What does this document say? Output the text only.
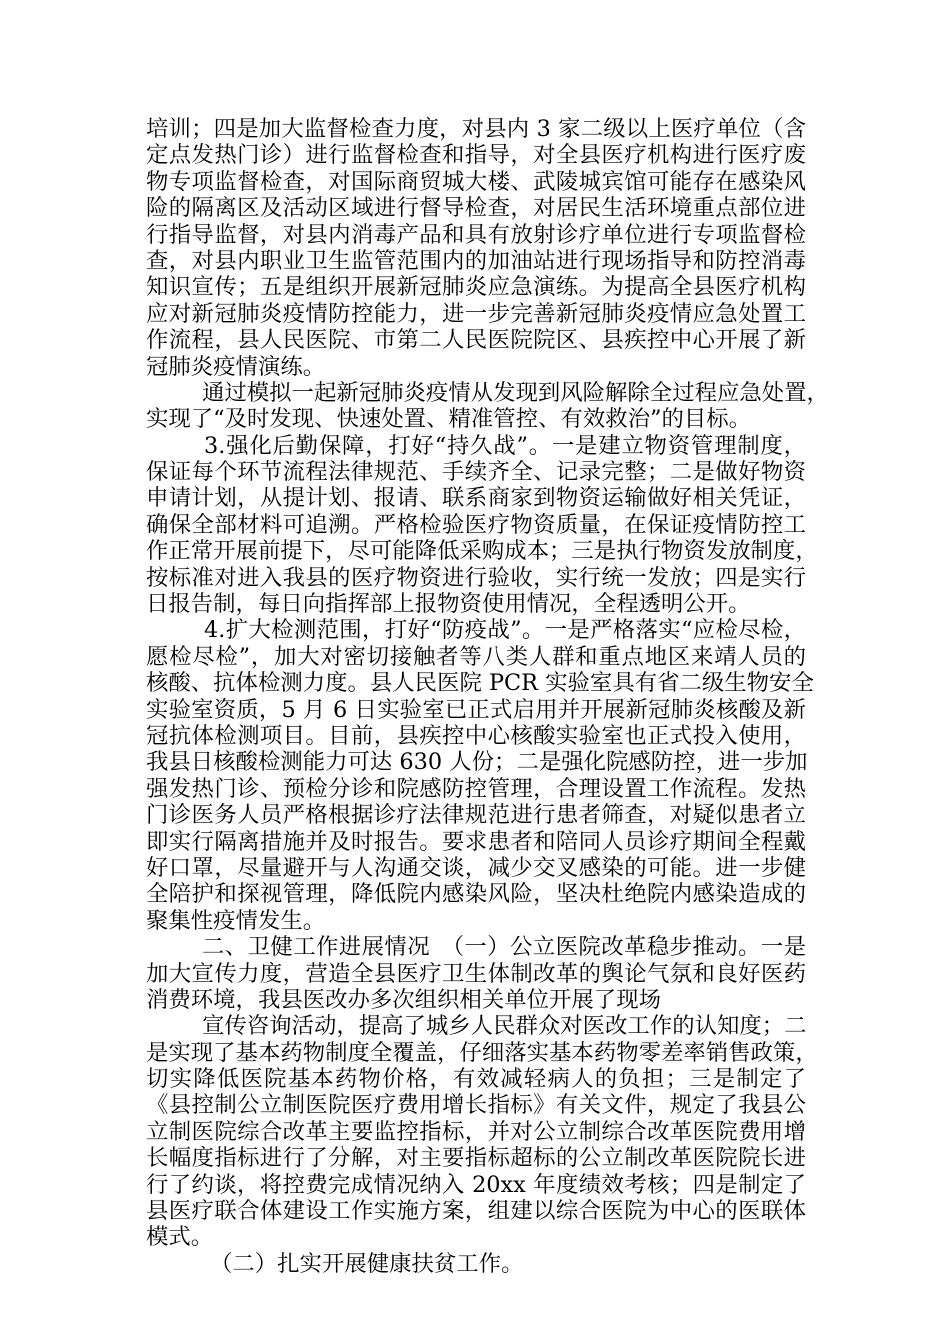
培训；四是加大监督检查力度，对县内 3 家二级以上医疗单位（含
定点发热门诊）进行监督检查和指导，对全县医疗机构进行医疗废
物专项监督检查，对国际商贸城大楼、武陵城宾馆可能存在感染风
险的隔离区及活动区域进行督导检查，对居民生活环境重点部位进
行指导监督，对县内消毒产品和具有放射诊疗单位进行专项监督检
查，对县内职业卫生监管范围内的加油站进行现场指导和防控消毒
知识宣传；五是组织开展新冠肺炎应急演练。为提高全县医疗机构
应对新冠肺炎疫情防控能力，进一步完善新冠肺炎疫情应急处置工
作流程，县人民医院、市第二人民医院院区、县疾控中心开展了新
冠肺炎疫情演练。
通过模拟一起新冠肺炎疫情从发现到风险解除全过程应急处置，
实现了“及时发现、快速处置、精准管控、有效救治”的目标。
3.强化后勤保障，打好“持久战”。一是建立物资管理制度，
保证每个环节流程法律规范、手续齐全、记录完整；二是做好物资
申请计划，从提计划、报请、联系商家到物资运输做好相关凭证，
确保全部材料可追溯。严格检验医疗物资质量，在保证疫情防控工
作正常开展前提下，尽可能降低采购成本；三是执行物资发放制度，
按标准对进入我县的医疗物资进行验收，实行统一发放；四是实行
日报告制，每日向指挥部上报物资使用情况，全程透明公开。
4.扩大检测范围，打好“防疫战”。一是严格落实“应检尽检，
愿检尽检”，加大对密切接触者等八类人群和重点地区来靖人员的
核酸、抗体检测力度。县人民医院 PCR 实验室具有省二级生物安全
实验室资质，5 月 6 日实验室已正式启用并开展新冠肺炎核酸及新
冠抗体检测项目。目前，县疾控中心核酸实验室也正式投入使用，
我县日核酸检测能力可达 630 人份；二是强化院感防控，进一步加
强发热门诊、预检分诊和院感防控管理，合理设置工作流程。发热
门诊医务人员严格根据诊疗法律规范进行患者筛查，对疑似患者立
即实行隔离措施并及时报告。要求患者和陪同人员诊疗期间全程戴
好口罩，尽量避开与人沟通交谈，减少交叉感染的可能。进一步健
全陪护和探视管理，降低院内感染风险，坚决杜绝院内感染造成的
聚集性疫情发生。
二、卫健工作进展情况　（一）公立医院改革稳步推动。一是
加大宣传力度，营造全县医疗卫生体制改革的舆论气氛和良好医药
消费环境，我县医改办多次组织相关单位开展了现场
宣传咨询活动，提高了城乡人民群众对医改工作的认知度；二
是实现了基本药物制度全覆盖，仔细落实基本药物零差率销售政策，
切实降低医院基本药物价格，有效减轻病人的负担；三是制定了
《县控制公立制医院医疗费用增长指标》有关文件，规定了我县公
立制医院综合改革主要监控指标，并对公立制综合改革医院费用增
长幅度指标进行了分解，对主要指标超标的公立制改革医院院长进
行了约谈，将控费完成情况纳入 20xx 年度绩效考核；四是制定了
县医疗联合体建设工作实施方案，组建以综合医院为中心的医联体
模式。
（二）扎实开展健康扶贫工作。
